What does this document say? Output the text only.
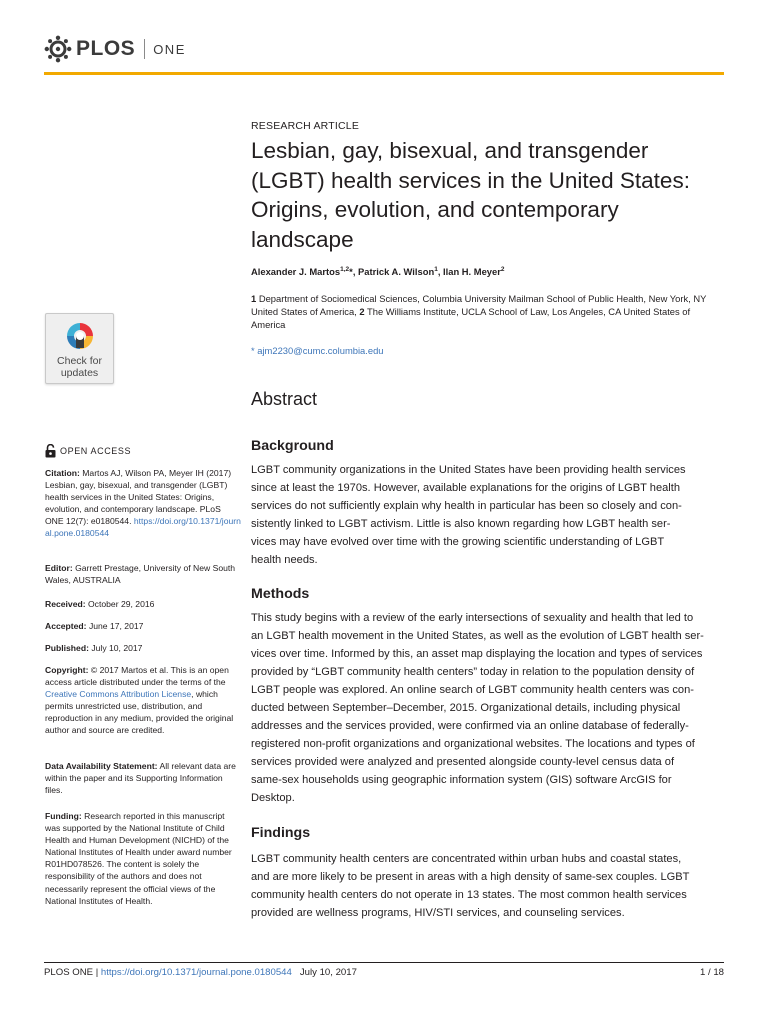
PLOS ONE
Check for
updates
OPEN ACCESS
Citation: Martos AJ, Wilson PA, Meyer IH (2017) Lesbian, gay, bisexual, and transgender (LGBT) health services in the United States: Origins, evolution, and contemporary landscape. PLoS ONE 12(7): e0180544. https://doi.org/10.1371/journal.pone.0180544
Editor: Garrett Prestage, University of New South Wales, AUSTRALIA
Received: October 29, 2016
Accepted: June 17, 2017
Published: July 10, 2017
Copyright: © 2017 Martos et al. This is an open access article distributed under the terms of the Creative Commons Attribution License, which permits unrestricted use, distribution, and reproduction in any medium, provided the original author and source are credited.
Data Availability Statement: All relevant data are within the paper and its Supporting Information files.
Funding: Research reported in this manuscript was supported by the National Institute of Child Health and Human Development (NICHD) of the National Institutes of Health under award number R01HD078526. The content is solely the responsibility of the authors and does not necessarily represent the official views of the National Institutes of Health.
RESEARCH ARTICLE
Lesbian, gay, bisexual, and transgender
(LGBT) health services in the United States:
Origins, evolution, and contemporary
landscape
Alexander J. Martos$^{1,2}$*, Patrick A. Wilson$^1$, Ilan H. Meyer$^2$
1 Department of Sociomedical Sciences, Columbia University Mailman School of Public Health, New York, NY United States of America, 2 The Williams Institute, UCLA School of Law, Los Angeles, CA United States of America
* ajm2230@cumc.columbia.edu
Abstract
Background
LGBT community organizations in the United States have been providing health services
since at least the 1970s. However, available explanations for the origins of LGBT health
services do not sufficiently explain why health in particular has been so closely and con-
sistently linked to LGBT activism. Little is also known regarding how LGBT health ser-
vices may have evolved over time with the growing scientific understanding of LGBT
health needs.
Methods
This study begins with a review of the early intersections of sexuality and health that led to
an LGBT health movement in the United States, as well as the evolution of LGBT health ser-
vices over time. Informed by this, an asset map displaying the location and types of services
provided by “LGBT community health centers” today in relation to the population density of
LGBT people was explored. An online search of LGBT community health centers was con-
ducted between September–December, 2015. Organizational details, including physical
addresses and the services provided, were confirmed via an online database of federally-
registered non-profit organizations and organizational websites. The locations and types of
services provided were analyzed and presented alongside county-level census data of
same-sex households using geographic information system (GIS) software ArcGIS for
Desktop.
Findings
LGBT community health centers are concentrated within urban hubs and coastal states,
and are more likely to be present in areas with a high density of same-sex couples. LGBT
community health centers do not operate in 13 states. The most common health services
provided are wellness programs, HIV/STI services, and counseling services.
PLOS ONE | https://doi.org/10.1371/journal.pone.0180544 July 10, 2017	1 / 18
